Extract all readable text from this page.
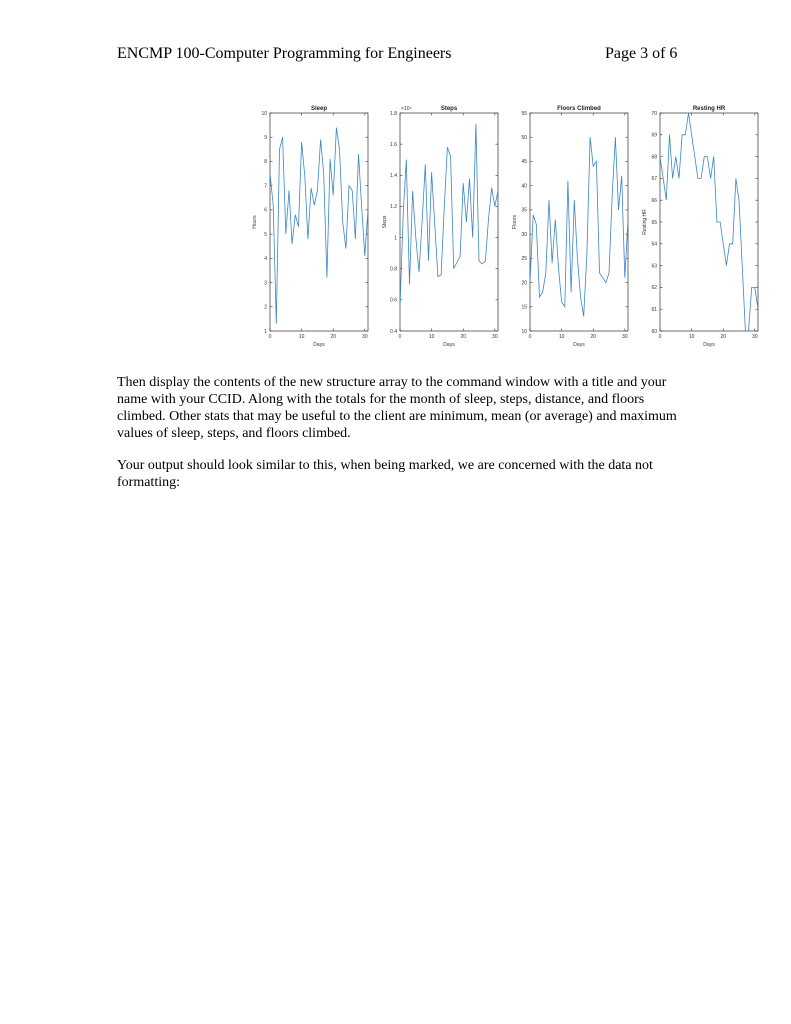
ENCMP 100-Computer Programming for Engineers	Page 3 of 6
1
2
3
4
5
6
7
8
9
10
0	10	20	30
Sleep
Days
Hours
0.4
0.6
0.8
1
1.2
1.4
1.6
1.8
0	10	20	30
Steps
Days
Steps
×10⁴
10
15
20
25
30
35
40
45
50
55
0	10	20	30
Floors Climbed
Days
Floors
60
61
62
63
64
65
66
67
68
69
70
0	10	20	30
Resting HR
Days
Resting HR

Then display the contents of the new structure array to the command window with a title and your name with your CCID. Along with the totals for the month of sleep, steps, distance, and floors climbed. Other stats that may be useful to the client are minimum, mean (or average) and maximum values of sleep, steps, and floors climbed.

Your output should look similar to this, when being marked, we are concerned with the data not formatting:
